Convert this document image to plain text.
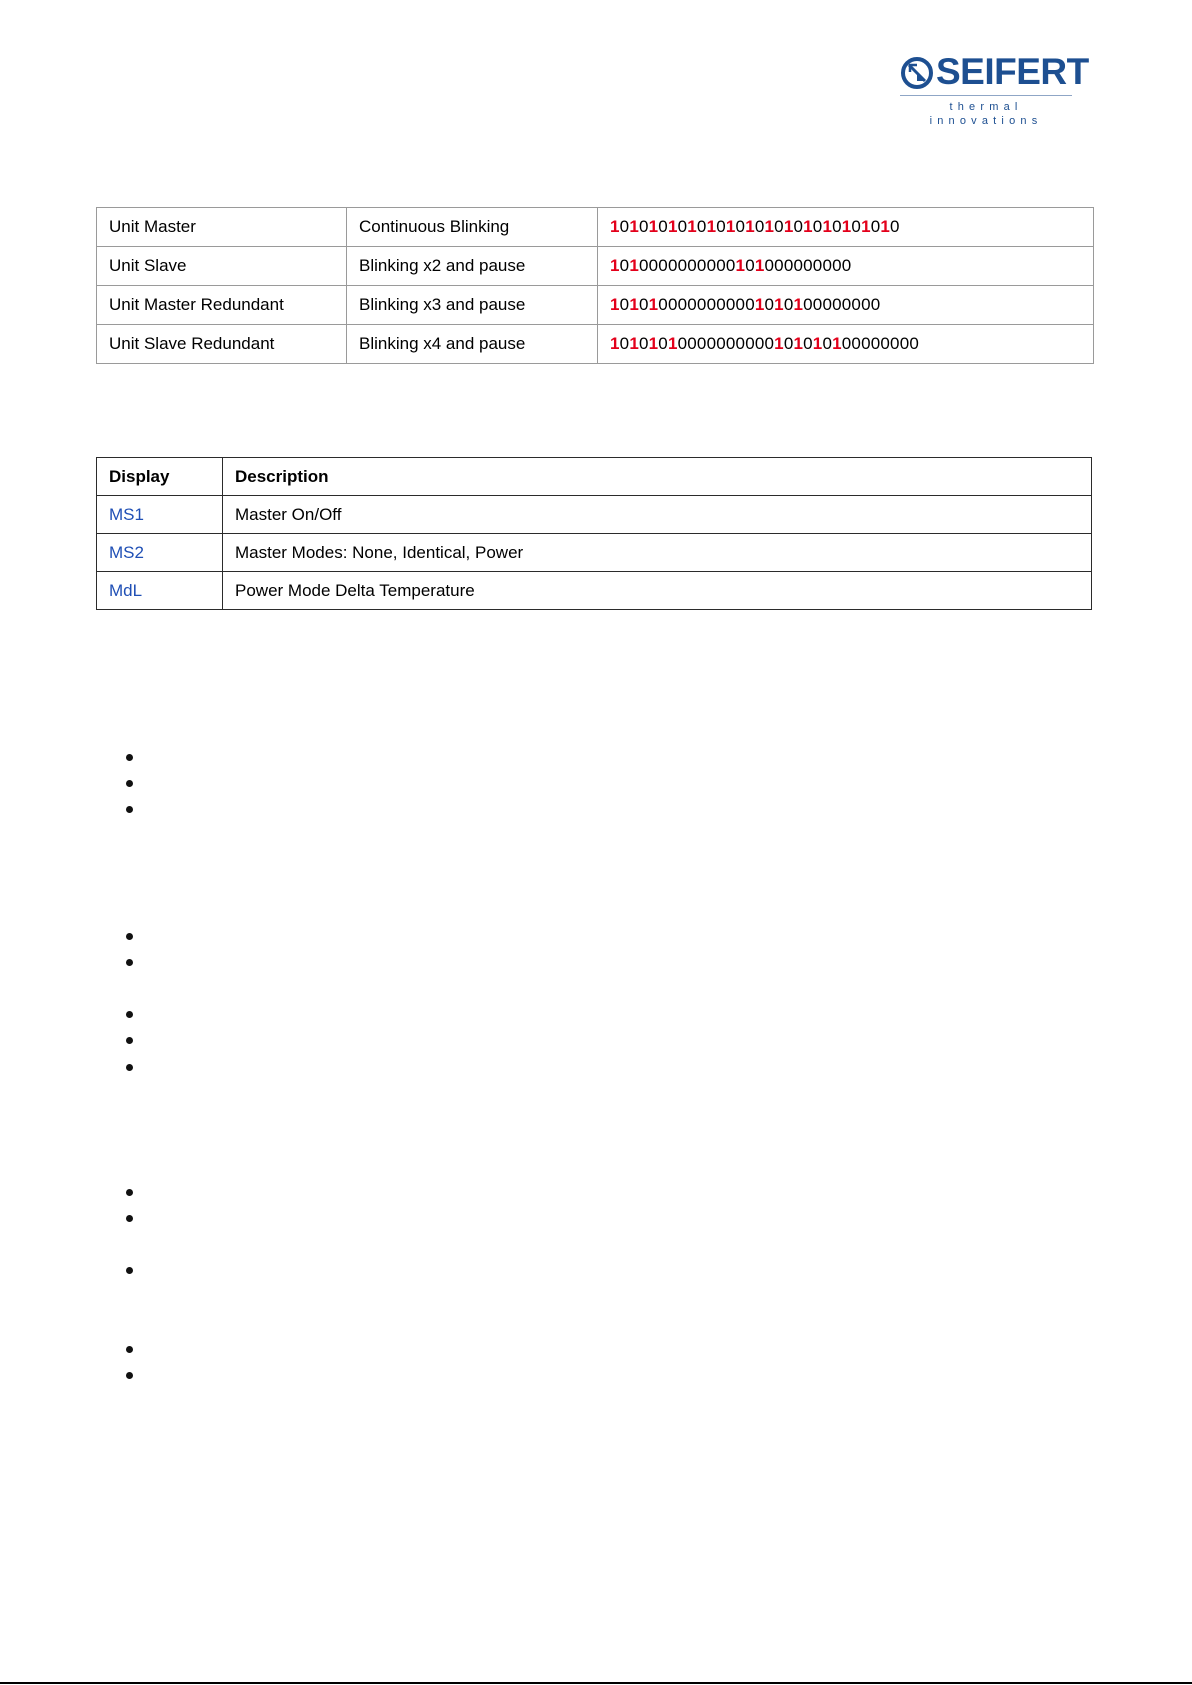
SEIFERT
thermal innovations
Unit Master	Continuous Blinking	101010101010101010101010101010
Unit Slave	Blinking x2 and pause	1010000000000101000000000
Unit Master Redundant	Blinking x3 and pause	1010100000000001010100000000
Unit Slave Redundant	Blinking x4 and pause	10101010000000000101010100000000
Display	Description
MS1	Master On/Off
MS2	Master Modes: None, Identical, Power
MdL	Power Mode Delta Temperature
